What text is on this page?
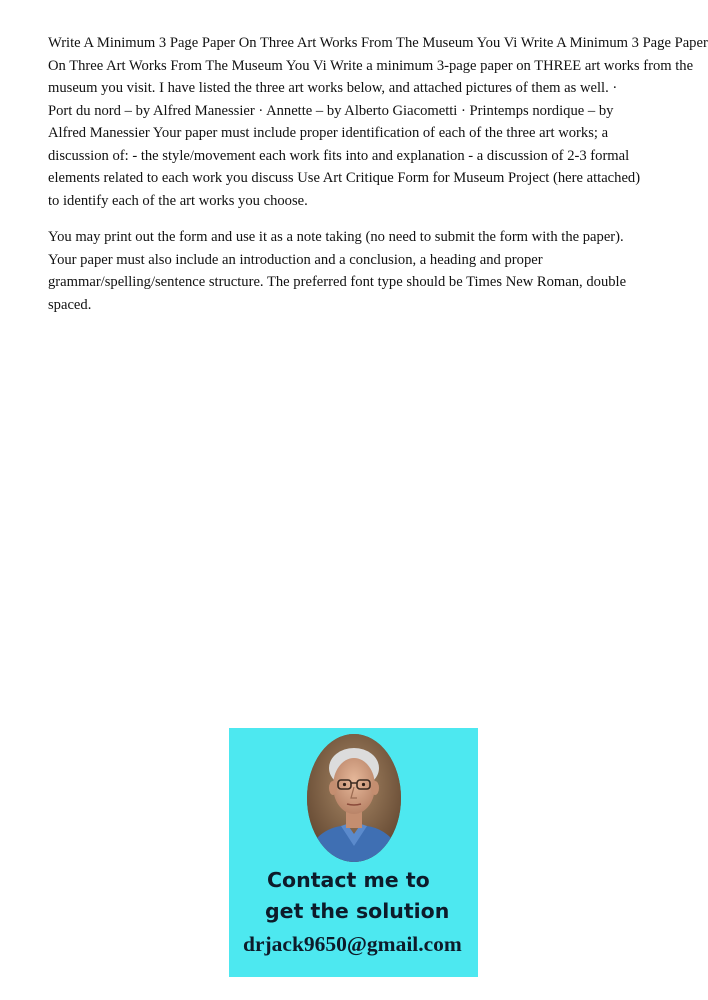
Write A Minimum 3 Page Paper On Three Art Works From The Museum You Vi Write A Minimum 3 Page Paper

On Three Art Works From The Museum You Vi Write a minimum 3-page paper on THREE art works from the

museum you visit. I have listed the three art works below, and attached pictures of them as well. ·

Port du nord – by Alfred Manessier · Annette – by Alberto Giacometti · Printemps nordique – by

Alfred Manessier Your paper must include proper identification of each of the three art works; a

discussion of: - the style/movement each work fits into and explanation - a discussion of 2-3 formal

elements related to each work you discuss Use Art Critique Form for Museum Project (here attached)

to identify each of the art works you choose.

You may print out the form and use it as a note taking (no need to submit the form with the paper).

Your paper must also include an introduction and a conclusion, a heading and proper

grammar/spelling/sentence structure. The preferred font type should be Times New Roman, double

spaced.

Contact me to
get the solution
drjack9650@gmail.com
